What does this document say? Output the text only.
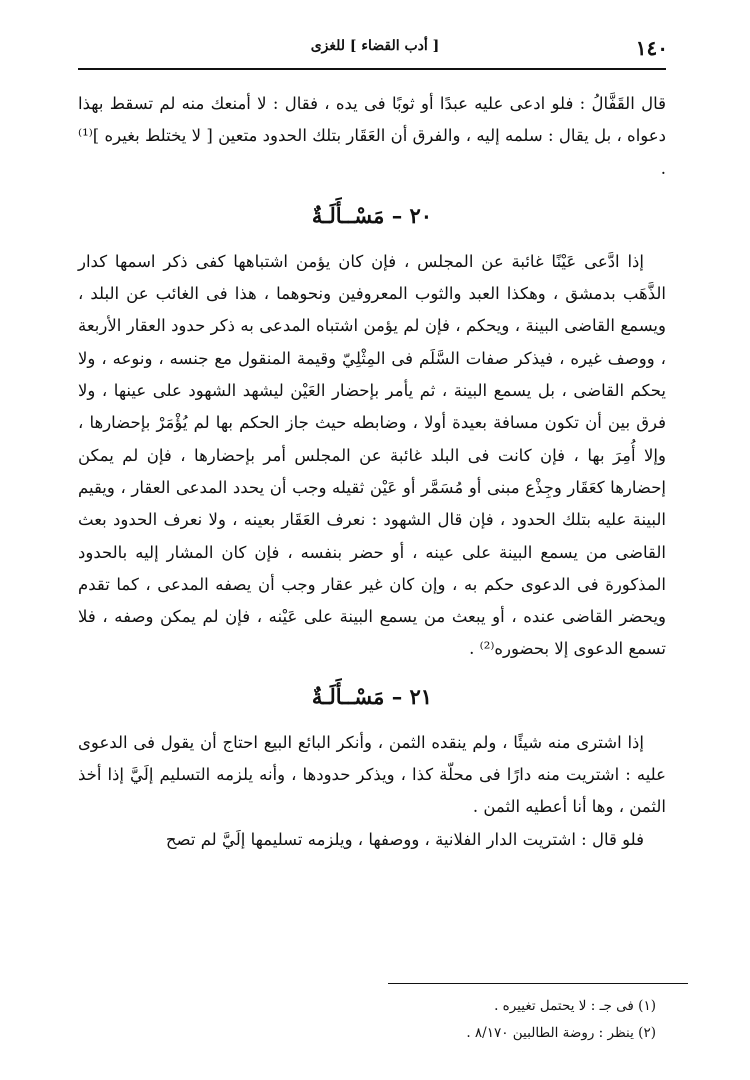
١٤٠
[ أدب القضاء ] للغزى

قال القَفَّالُ : فلو ادعى عليه عبدًا أو ثوبًا فى يده ، فقال : لا أمنعك منه لم تسقط بهذا دعواه ، بل يقال : سلمه إليه ، والفرق أن العَقَار بتلك الحدود متعين [ لا يختلط بغيره ]⁽¹⁾ .

٢٠ – مَسْــأَلَـةٌ

إذا ادَّعى عَيْنًا غائبة عن المجلس ، فإن كان يؤمن اشتباهها كفى ذكر اسمها كدار الذَّهَب بدمشق ، وهكذا العبد والثوب المعروفين ونحوهما ، هذا فى الغائب عن البلد ، ويسمع القاضى البينة ، ويحكم ، فإن لم يؤمن اشتباه المدعى به ذكر حدود العقار الأربعة ، ووصف غيره ، فيذكر صفات السَّلَم فى المِثْلِيّ وقيمة المنقول مع جنسه ، ونوعه ، ولا يحكم القاضى ، بل يسمع البينة ، ثم يأمر بإحضار العَيْن ليشهد الشهود على عينها ، ولا فرق بين أن تكون مسافة بعيدة أولا ، وضابطه حيث جاز الحكم بها لم يُؤْمَرْ بإحضارها ، وإلا أُمِرَ بها ، فإن كانت فى البلد غائبة عن المجلس أمر بإحضارها ، فإن لم يمكن إحضارها كعَقَار وجِذْع مبنى أو مُسَمَّر أو عَيْن ثقيله وجب أن يحدد المدعى العقار ، ويقيم البينة عليه بتلك الحدود ، فإن قال الشهود : نعرف العَقَار بعينه ، ولا نعرف الحدود بعث القاضى من يسمع البينة على عينه ، أو حضر بنفسه ، فإن كان المشار إليه بالحدود المذكورة فى الدعوى حكم به ، وإن كان غير عقار وجب أن يصفه المدعى ، كما تقدم ويحضر القاضى عنده ، أو يبعث من يسمع البينة على عَيْنه ، فإن لم يمكن وصفه ، فلا تسمع الدعوى إلا بحضوره⁽²⁾ .

٢١ – مَسْــأَلَـةٌ

إذا اشترى منه شيئًا ، ولم ينقده الثمن ، وأنكر البائع البيع احتاج أن يقول فى الدعوى عليه : اشتريت منه دارًا فى محلّة كذا ، ويذكر حدودها ، وأنه يلزمه التسليم إلَيَّ إذا أخذ الثمن ، وها أنا أعطيه الثمن .

فلو قال : اشتريت الدار الفلانية ، ووصفها ، ويلزمه تسليمها إلَيَّ لم تصح

(١) فى جـ : لا يحتمل تغييره .
(٢) ينظر : روضة الطالبين ٨/١٧٠ .
